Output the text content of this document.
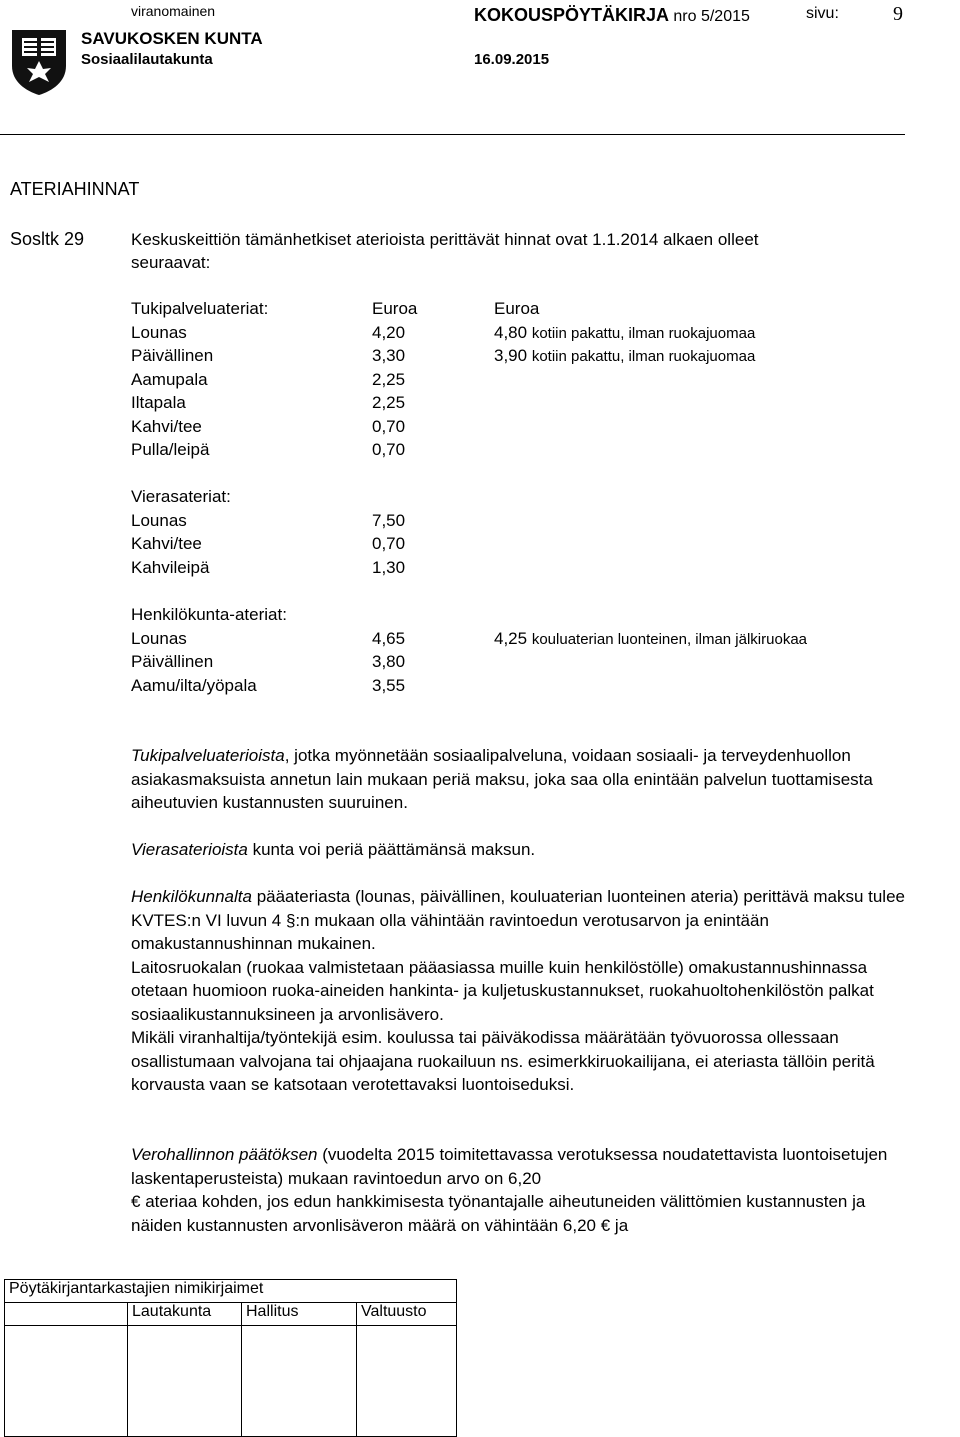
viranomainen	KOKOUSPÖYTÄKIRJA nro 5/2015	sivu:	9
SAVUKOSKEN KUNTA
Sosiaalilautakunta	16.09.2015
ATERIAHINNAT
Sosltk 29	Keskuskeittiön tämänhetkiset aterioista perittävät hinnat ovat 1.1.2014 alkaen olleet
seuraavat:
Tukipalveluateriat:	Euroa	Euroa
Lounas	4,20	4,80 kotiin pakattu, ilman ruokajuomaa
Päivällinen	3,30	3,90 kotiin pakattu, ilman ruokajuomaa
Aamupala	2,25
Iltapala	2,25
Kahvi/tee	0,70
Pulla/leipä	0,70
Vierasateriat:
Lounas	7,50
Kahvi/tee	0,70
Kahvileipä	1,30
Henkilökunta-ateriat:
Lounas	4,65	4,25 kouluaterian luonteinen, ilman jälkiruokaa
Päivällinen	3,80
Aamu/ilta/yöpala	3,55

Tukipalveluaterioista, jotka myönnetään sosiaalipalveluna, voidaan sosiaali- ja terveydenhuollon asiakasmaksuista annetun lain mukaan periä maksu, joka saa olla enintään palvelun tuottamisesta aiheutuvien kustannusten suuruinen.

Vierasaterioista kunta voi periä päättämänsä maksun.

Henkilökunnalta pääateriasta (lounas, päivällinen, kouluaterian luonteinen ateria) perittävä maksu tulee KVTES:n VI luvun 4 §:n mukaan olla vähintään ravintoedun verotusarvon ja enintään omakustannushinnan mukainen.

Laitosruokalan (ruokaa valmistetaan pääasiassa muille kuin henkilöstölle) omakustannushinnassa otetaan huomioon ruoka-aineiden hankinta- ja kuljetuskustannukset, ruokahuoltohenkilöstön palkat sosiaalikustannuksineen ja arvonlisävero.

Mikäli viranhaltija/työntekijä esim. koulussa tai päiväkodissa määrätään työvuorossa ollessaan osallistumaan valvojana tai ohjaajana ruokailuun ns. esimerkkiruokailijana, ei ateriasta tällöin peritä korvausta vaan se katsotaan verotettavaksi luontoiseduksi.

Verohallinnon päätöksen (vuodelta 2015 toimitettavassa verotuksessa noudatettavista luontoisetujen laskentaperusteista) mukaan ravintoedun arvo on 6,20
€ ateriaa kohden, jos edun hankkimisesta työnantajalle aiheutuneiden välittömien kustannusten ja näiden kustannusten arvonlisäveron määrä on vähintään 6,20 € ja

Pöytäkirjantarkastajien nimikirjaimet			
	Lautakunta	Hallitus	Valtuusto
